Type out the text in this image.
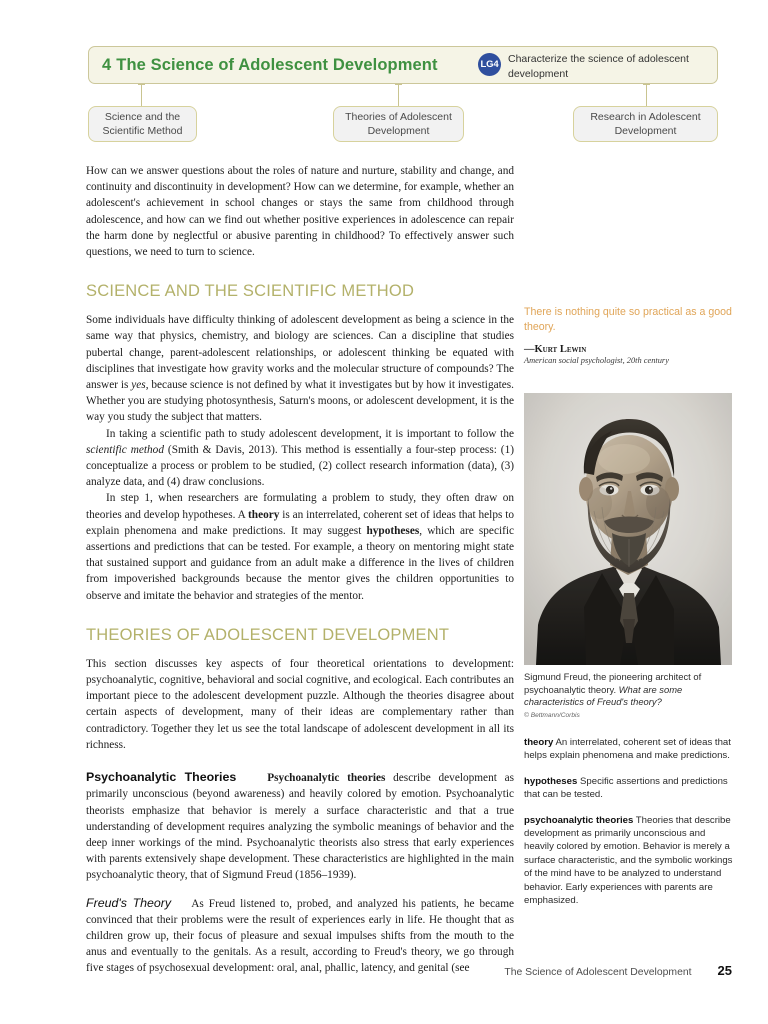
4 The Science of Adolescent Development	LG4 Characterize the science of adolescent development
Science and the Scientific Method
Theories of Adolescent Development
Research in Adolescent Development

How can we answer questions about the roles of nature and nurture, stability and change, and continuity and discontinuity in development? How can we determine, for example, whether an adolescent's achievement in school changes or stays the same from childhood through adolescence, and how can we find out whether positive experiences in adolescence can repair the harm done by neglectful or abusive parenting in childhood? To effectively answer such questions, we need to turn to science.

SCIENCE AND THE SCIENTIFIC METHOD

Some individuals have difficulty thinking of adolescent development as being a science in the same way that physics, chemistry, and biology are sciences. Can a discipline that studies pubertal change, parent-adolescent relationships, or adolescent thinking be equated with disciplines that investigate how gravity works and the molecular structure of compounds? The answer is yes, because science is not defined by what it investigates but by how it investigates. Whether you are studying photosynthesis, Saturn's moons, or adolescent development, it is the way you study the subject that matters.

In taking a scientific path to study adolescent development, it is important to follow the scientific method (Smith & Davis, 2013). This method is essentially a four-step process: (1) conceptualize a process or problem to be studied, (2) collect research information (data), (3) analyze data, and (4) draw conclusions.

In step 1, when researchers are formulating a problem to study, they often draw on theories and develop hypotheses. A theory is an interrelated, coherent set of ideas that helps to explain phenomena and make predictions. It may suggest hypotheses, which are specific assertions and predictions that can be tested. For example, a theory on mentoring might state that sustained support and guidance from an adult make a difference in the lives of children from impoverished backgrounds because the mentor gives the children opportunities to observe and imitate the behavior and strategies of the mentor.

THEORIES OF ADOLESCENT DEVELOPMENT

This section discusses key aspects of four theoretical orientations to development: psychoanalytic, cognitive, behavioral and social cognitive, and ecological. Each contributes an important piece to the adolescent development puzzle. Although the theories disagree about certain aspects of development, many of their ideas are complementary rather than contradictory. Together they let us see the total landscape of adolescent development in all its richness.

Psychoanalytic Theories	Psychoanalytic theories describe development as primarily unconscious (beyond awareness) and heavily colored by emotion. Psychoanalytic theorists emphasize that behavior is merely a surface characteristic and that a true understanding of development requires analyzing the symbolic meanings of behavior and the deep inner workings of the mind. Psychoanalytic theorists also stress that early experiences with parents extensively shape development. These characteristics are highlighted in the main psychoanalytic theory, that of Sigmund Freud (1856–1939).

Freud's Theory As Freud listened to, probed, and analyzed his patients, he became convinced that their problems were the result of experiences early in life. He thought that as children grow up, their focus of pleasure and sexual impulses shifts from the mouth to the anus and eventually to the genitals. As a result, according to Freud's theory, we go through five stages of psychosexual development: oral, anal, phallic, latency, and genital (see

There is nothing quite so practical as a good theory.

—Kurt Lewin

American social psychologist, 20th century

Sigmund Freud, the pioneering architect of psychoanalytic theory. What are some characteristics of Freud's theory?
© Bettmann/Corbis
theory An interrelated, coherent set of ideas that helps explain phenomena and make predictions.
hypotheses Specific assertions and predictions that can be tested.
psychoanalytic theories Theories that describe development as primarily unconscious and heavily colored by emotion. Behavior is merely a surface characteristic, and the symbolic workings of the mind have to be analyzed to understand behavior. Early experiences with parents are emphasized.
The Science of Adolescent Development 25
